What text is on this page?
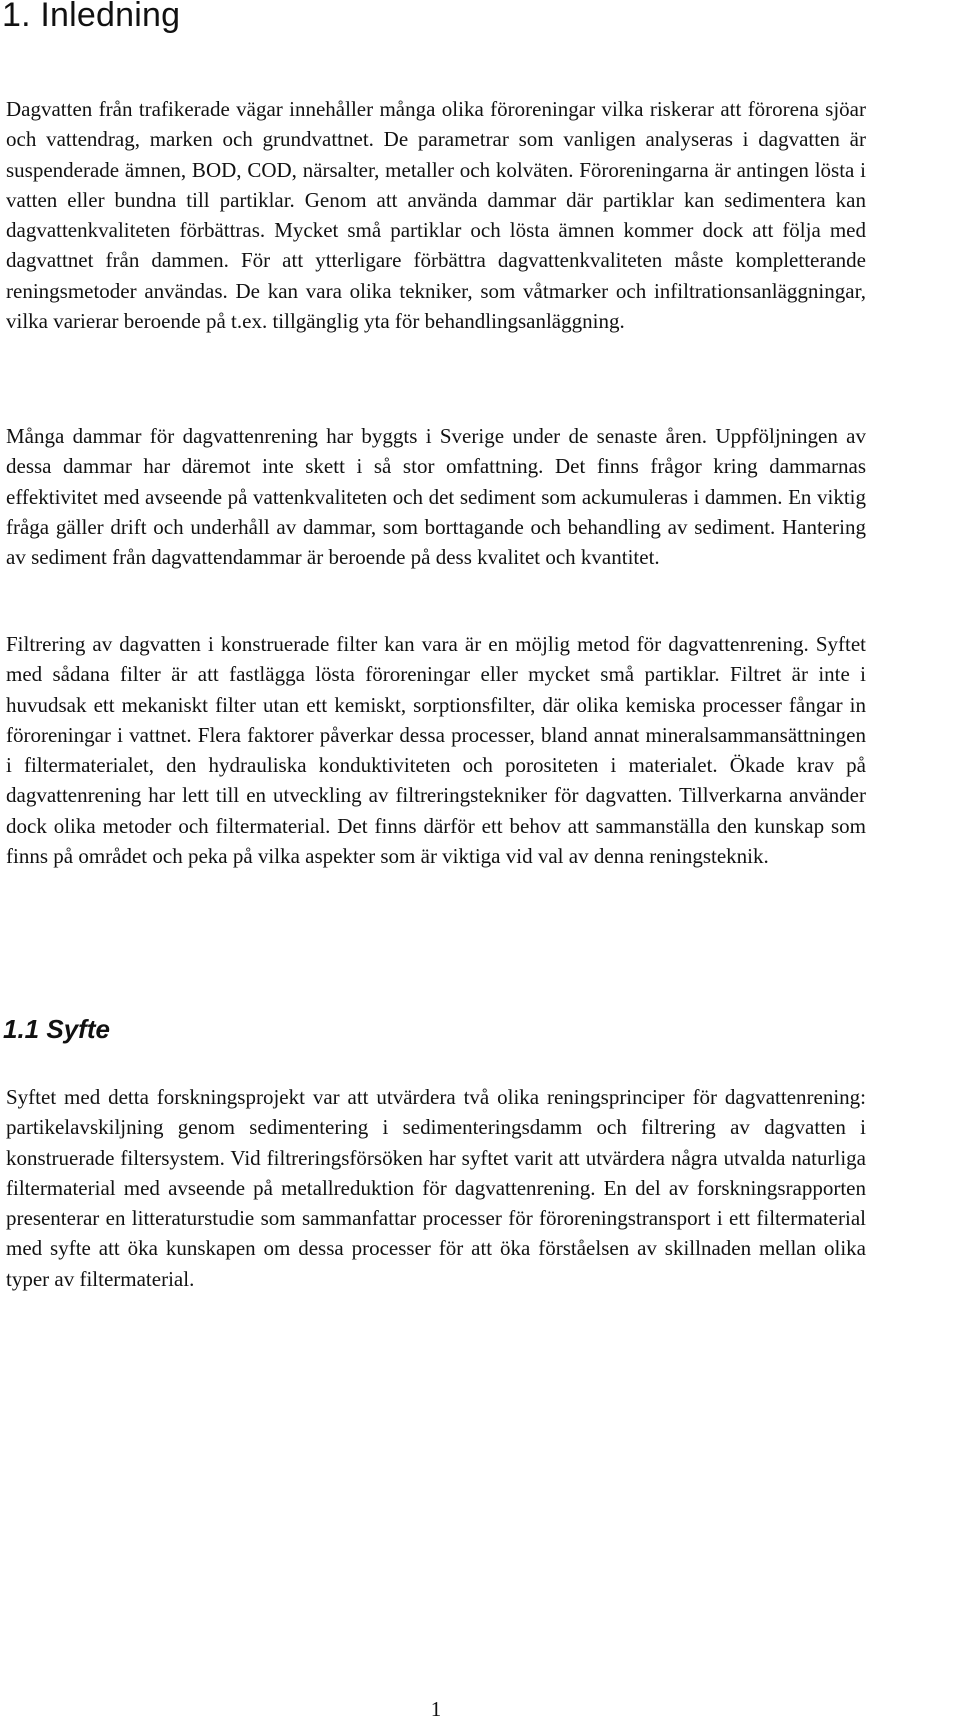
1. Inledning

Dagvatten från trafikerade vägar innehåller många olika föroreningar vilka riskerar att förorena sjöar och vattendrag, marken och grundvattnet. De parametrar som vanligen analyseras i dagvatten är suspenderade ämnen, BOD, COD, närsalter, metaller och kolväten. Föroreningarna är antingen lösta i vatten eller bundna till partiklar. Genom att använda dammar där partiklar kan sedimentera kan dagvattenkvaliteten förbättras. Mycket små partiklar och lösta ämnen kommer dock att följa med dagvattnet från dammen. För att ytterligare förbättra dagvattenkvaliteten måste kompletterande reningsmetoder användas. De kan vara olika tekniker, som våtmarker och infiltrationsanläggningar, vilka varierar beroende på t.ex. tillgänglig yta för behandlingsanläggning.

Många dammar för dagvattenrening har byggts i Sverige under de senaste åren. Uppföljningen av dessa dammar har däremot inte skett i så stor omfattning. Det finns frågor kring dammarnas effektivitet med avseende på vattenkvaliteten och det sediment som ackumuleras i dammen. En viktig fråga gäller drift och underhåll av dammar, som borttagande och behandling av sediment. Hantering av sediment från dagvattendammar är beroende på dess kvalitet och kvantitet.

Filtrering av dagvatten i konstruerade filter kan vara är en möjlig metod för dagvattenrening. Syftet med sådana filter är att fastlägga lösta föroreningar eller mycket små partiklar. Filtret är inte i huvudsak ett mekaniskt filter utan ett kemiskt, sorptionsfilter, där olika kemiska processer fångar in föroreningar i vattnet. Flera faktorer påverkar dessa processer, bland annat mineralsammansättningen i filtermaterialet, den hydrauliska konduktiviteten och porositeten i materialet. Ökade krav på dagvattenrening har lett till en utveckling av filtreringstekniker för dagvatten. Tillverkarna använder dock olika metoder och filtermaterial. Det finns därför ett behov att sammanställa den kunskap som finns på området och peka på vilka aspekter som är viktiga vid val av denna reningsteknik.

1.1 Syfte

Syftet med detta forskningsprojekt var att utvärdera två olika reningsprinciper för dagvattenrening: partikelavskiljning genom sedimentering i sedimenteringsdamm och filtrering av dagvatten i konstruerade filtersystem. Vid filtreringsförsöken har syftet varit att utvärdera några utvalda naturliga filtermaterial med avseende på metallreduktion för dagvattenrening. En del av forskningsrapporten presenterar en litteraturstudie som sammanfattar processer för föroreningstransport i ett filtermaterial med syfte att öka kunskapen om dessa processer för att öka förståelsen av skillnaden mellan olika typer av filtermaterial.

1
